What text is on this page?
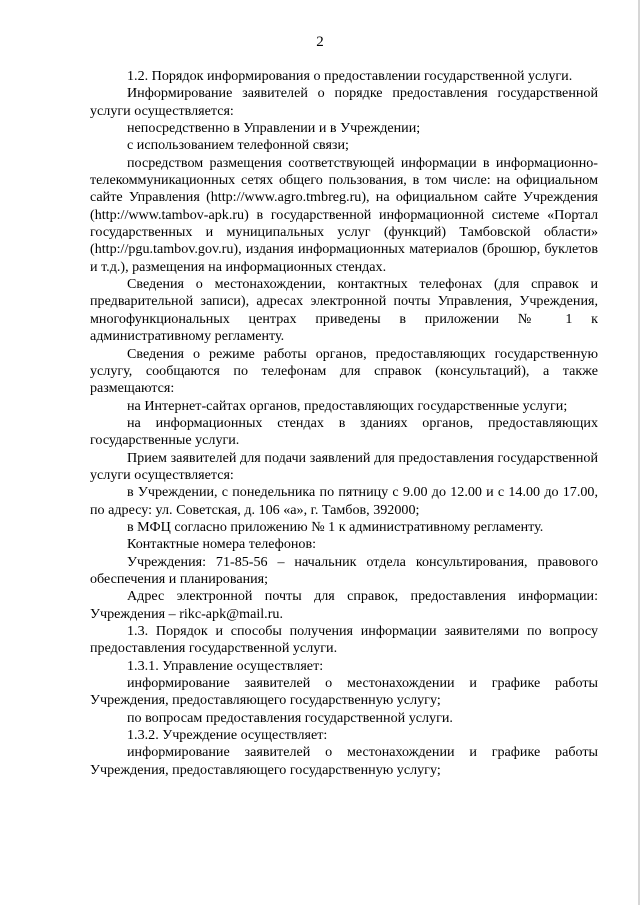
2

1.2. Порядок информирования о предоставлении государственной услуги.

Информирование заявителей о порядке предоставления государственной услуги осуществляется:

непосредственно в Управлении и в Учреждении;

с использованием телефонной связи;

посредством размещения соответствующей информации в информационно-телекоммуникационных сетях общего пользования, в том числе: на официальном сайте Управления (http://www.agro.tmbreg.ru), на официальном сайте Учреждения (http://www.tambov-apk.ru) в государственной информационной системе «Портал государственных и муниципальных услуг (функций) Тамбовской области» (http://pgu.tambov.gov.ru), издания информационных материалов (брошюр, буклетов и т.д.), размещения на информационных стендах.

Сведения о местонахождении, контактных телефонах (для справок и предварительной записи), адресах электронной почты Управления, Учреждения, многофункциональных центрах приведены в приложении № 1 к административному регламенту.

Сведения о режиме работы органов, предоставляющих государственную услугу, сообщаются по телефонам для справок (консультаций), а также размещаются:

на Интернет-сайтах органов, предоставляющих государственные услуги;

на информационных стендах в зданиях органов, предоставляющих государственные услуги.

Прием заявителей для подачи заявлений для предоставления государственной услуги осуществляется:

в Учреждении, с понедельника по пятницу с 9.00 до 12.00 и с 14.00 до 17.00, по адресу: ул. Советская, д. 106 «а», г. Тамбов, 392000;

в МФЦ согласно приложению № 1 к административному регламенту.

Контактные номера телефонов:

Учреждения: 71-85-56 – начальник отдела консультирования, правового обеспечения и планирования;

Адрес электронной почты для справок, предоставления информации: Учреждения – rikc-apk@mail.ru.

1.3. Порядок и способы получения информации заявителями по вопросу предоставления государственной услуги.

1.3.1. Управление осуществляет:

информирование заявителей о местонахождении и графике работы Учреждения, предоставляющего государственную услугу;

по вопросам предоставления государственной услуги.

1.3.2. Учреждение осуществляет:

информирование заявителей о местонахождении и графике работы Учреждения, предоставляющего государственную услугу;
